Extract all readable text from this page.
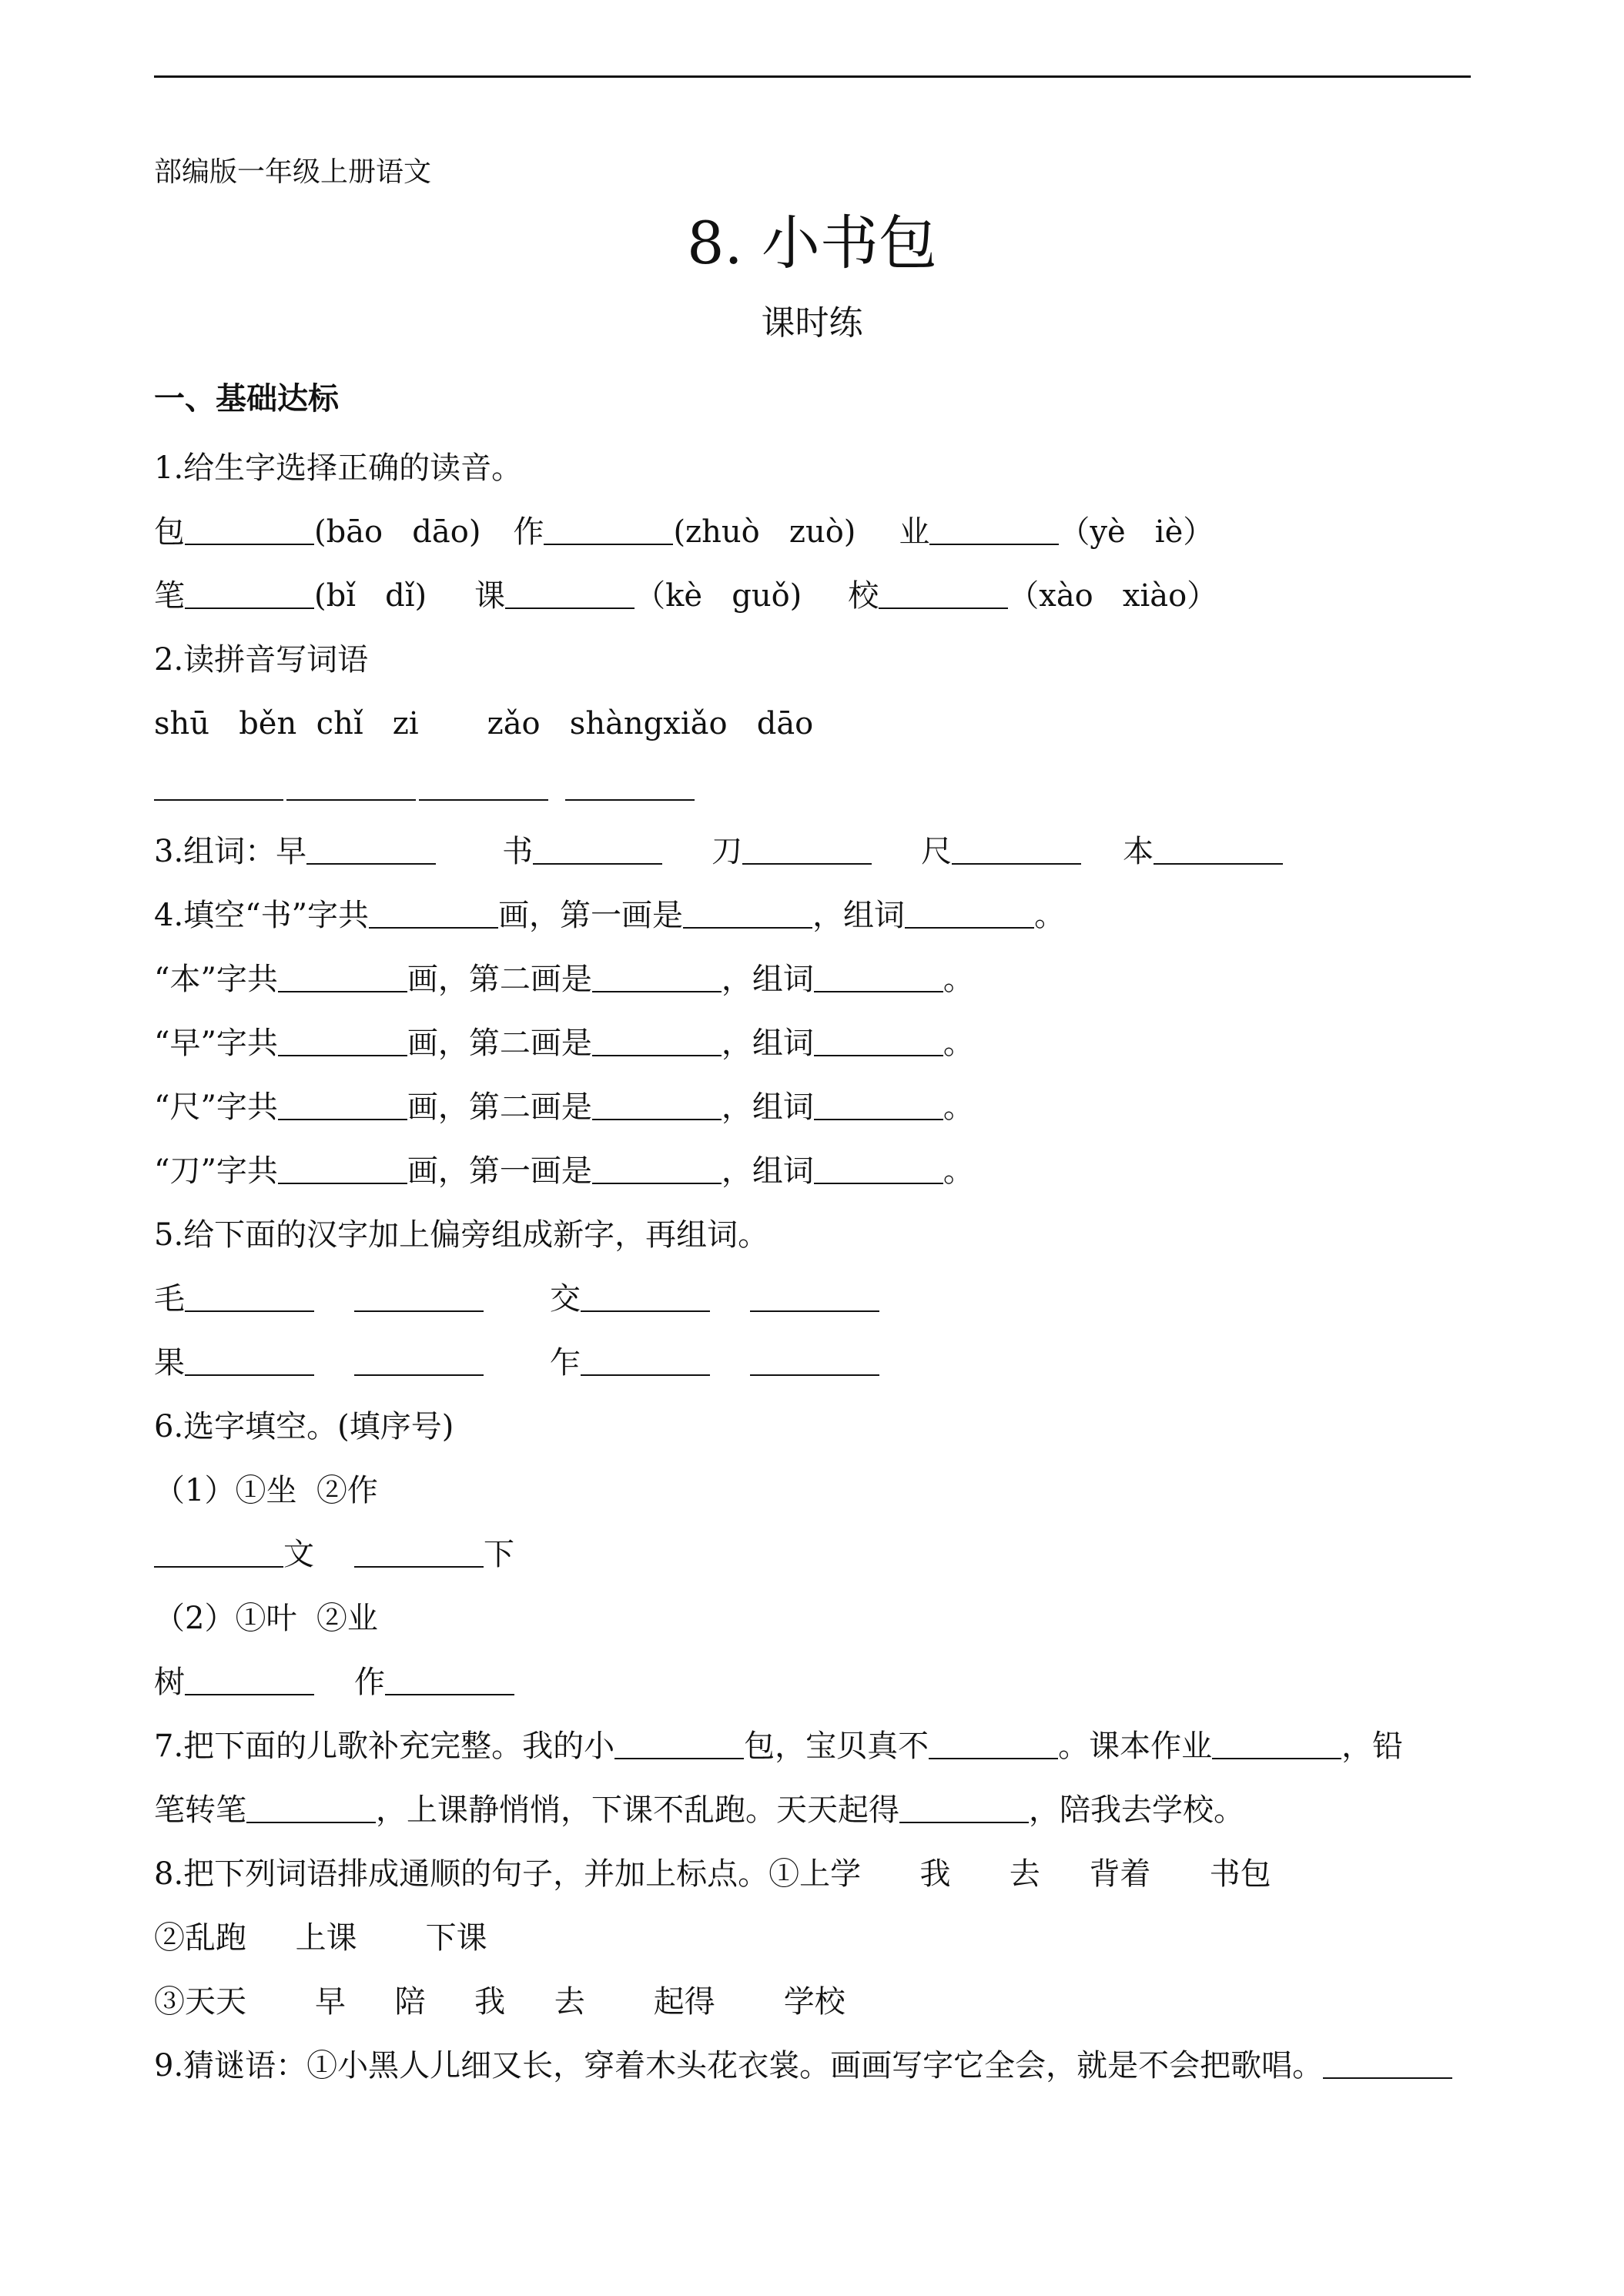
部编版一年级上册语文
8. 小书包
课时练
一、基础达标
1.给生字选择正确的读音。
包	(bāo   dāo) 作	(zhuò   zuò) 业	（yè   iè）
笔	(bǐ   dǐ) 课	（kè   guǒ) 校	（xào   xiào）
2.读拼音写词语
shū   běn  chǐ   zi       zǎo   shàngxiǎo   dāo
3.组词：早	书	刀	尺	本
4.填空“书”字共	画，第一画是	，组词	。
“本”字共	画，第二画是	，组词	。
“早”字共	画，第二画是	，组词	。
“尺”字共	画，第二画是	，组词	。
“刀”字共	画，第一画是	，组词	。
5.给下面的汉字加上偏旁组成新字，再组词。
毛	交
果	乍
6.选字填空。(填序号)
（1）①坐  ②作
文	下
（2）①叶  ②业
树	作
7.把下面的儿歌补充完整。我的小	包，宝贝真不	。课本作业	，铅
笔转笔	，上课静悄悄，下课不乱跑。天天起得	，陪我去学校。
8.把下列词语排成通顺的句子，并加上标点。①上学      我      去     背着      书包
②乱跑     上课       下课
③天天       早     陪     我     去       起得       学校
9.猜谜语：①小黑人儿细又长，穿着木头花衣裳。画画写字它全会，就是不会把歌唱。
